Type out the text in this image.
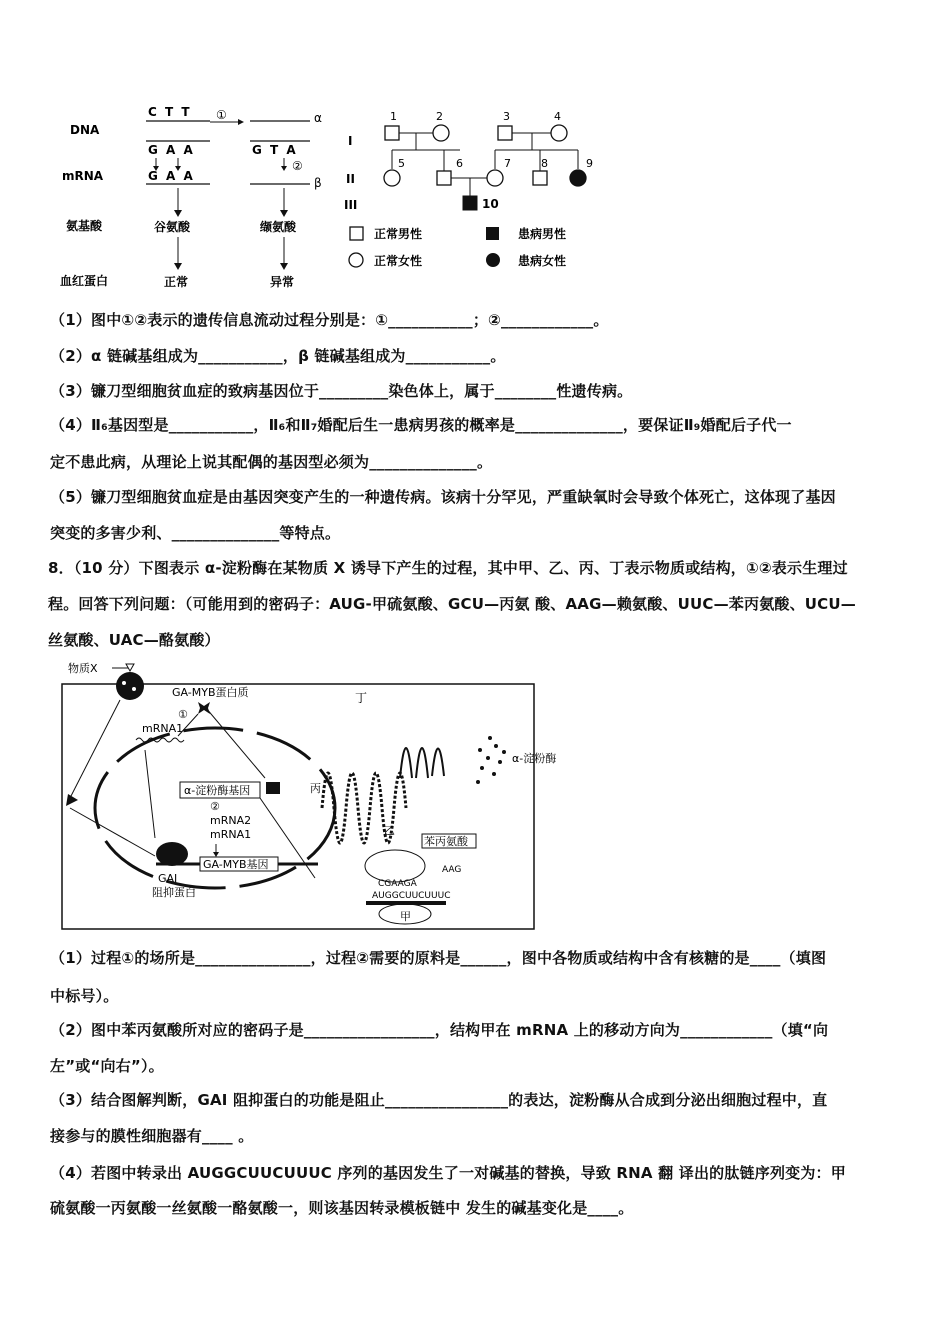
DNA
mRNA
氨基酸
血红蛋白
C T T
G A A
G A A
谷氨酸
正常
①	α
G T A
②
β
缬氨酸
异常
I
II
III
1	2	3	4
5	6	7	8	9
10
正常男性	患病男性
正常女性	患病女性
（1）图中①②表示的遗传信息流动过程分别是：①___________；②____________。
（2）α 链碱基组成为___________，β 链碱基组成为___________。
（3）镰刀型细胞贫血症的致病基因位于_________染色体上，属于________性遗传病。
（4）Ⅱ₆基因型是___________，Ⅱ₆和Ⅱ₇婚配后生一患病男孩的概率是______________，要保证Ⅱ₉婚配后子代一
定不患此病，从理论上说其配偶的基因型必须为______________。
（5）镰刀型细胞贫血症是由基因突变产生的一种遗传病。该病十分罕见，严重缺氧时会导致个体死亡，这体现了基因
突变的多害少利、______________等特点。
8．（10 分）下图表示 α-淀粉酶在某物质 X 诱导下产生的过程，其中甲、乙、丙、丁表示物质或结构，①②表示生理过
程。回答下列问题：（可能用到的密码子：AUG-甲硫氨酸、GCU—丙氨 酸、AAG—赖氨酸、UUC—苯丙氨酸、UCU—
丝氨酸、UAC—酪氨酸）
物质X
GA-MYB蛋白质
①
mRNA1
α-淀粉酶基因
②
mRNA2
mRNA1
GA-MYB基因
GAI
阻抑蛋白
丁
丙
乙
苯丙氨酸
AAG
CGAAGA
AUGGCUUCUUUC
甲
α-淀粉酶
（1）过程①的场所是_______________，过程②需要的原料是______，图中各物质或结构中含有核糖的是____（填图
中标号）。
（2）图中苯丙氨酸所对应的密码子是_________________，结构甲在 mRNA 上的移动方向为____________（填“向
左”或“向右”）。
（3）结合图解判断，GAI 阻抑蛋白的功能是阻止________________的表达，淀粉酶从合成到分泌出细胞过程中，直
接参与的膜性细胞器有____ 。
（4）若图中转录出 AUGGCUUCUUUC 序列的基因发生了一对碱基的替换，导致 RNA 翻 译出的肽链序列变为：甲
硫氨酸一丙氨酸一丝氨酸一酪氨酸一，则该基因转录模板链中 发生的碱基变化是____。
